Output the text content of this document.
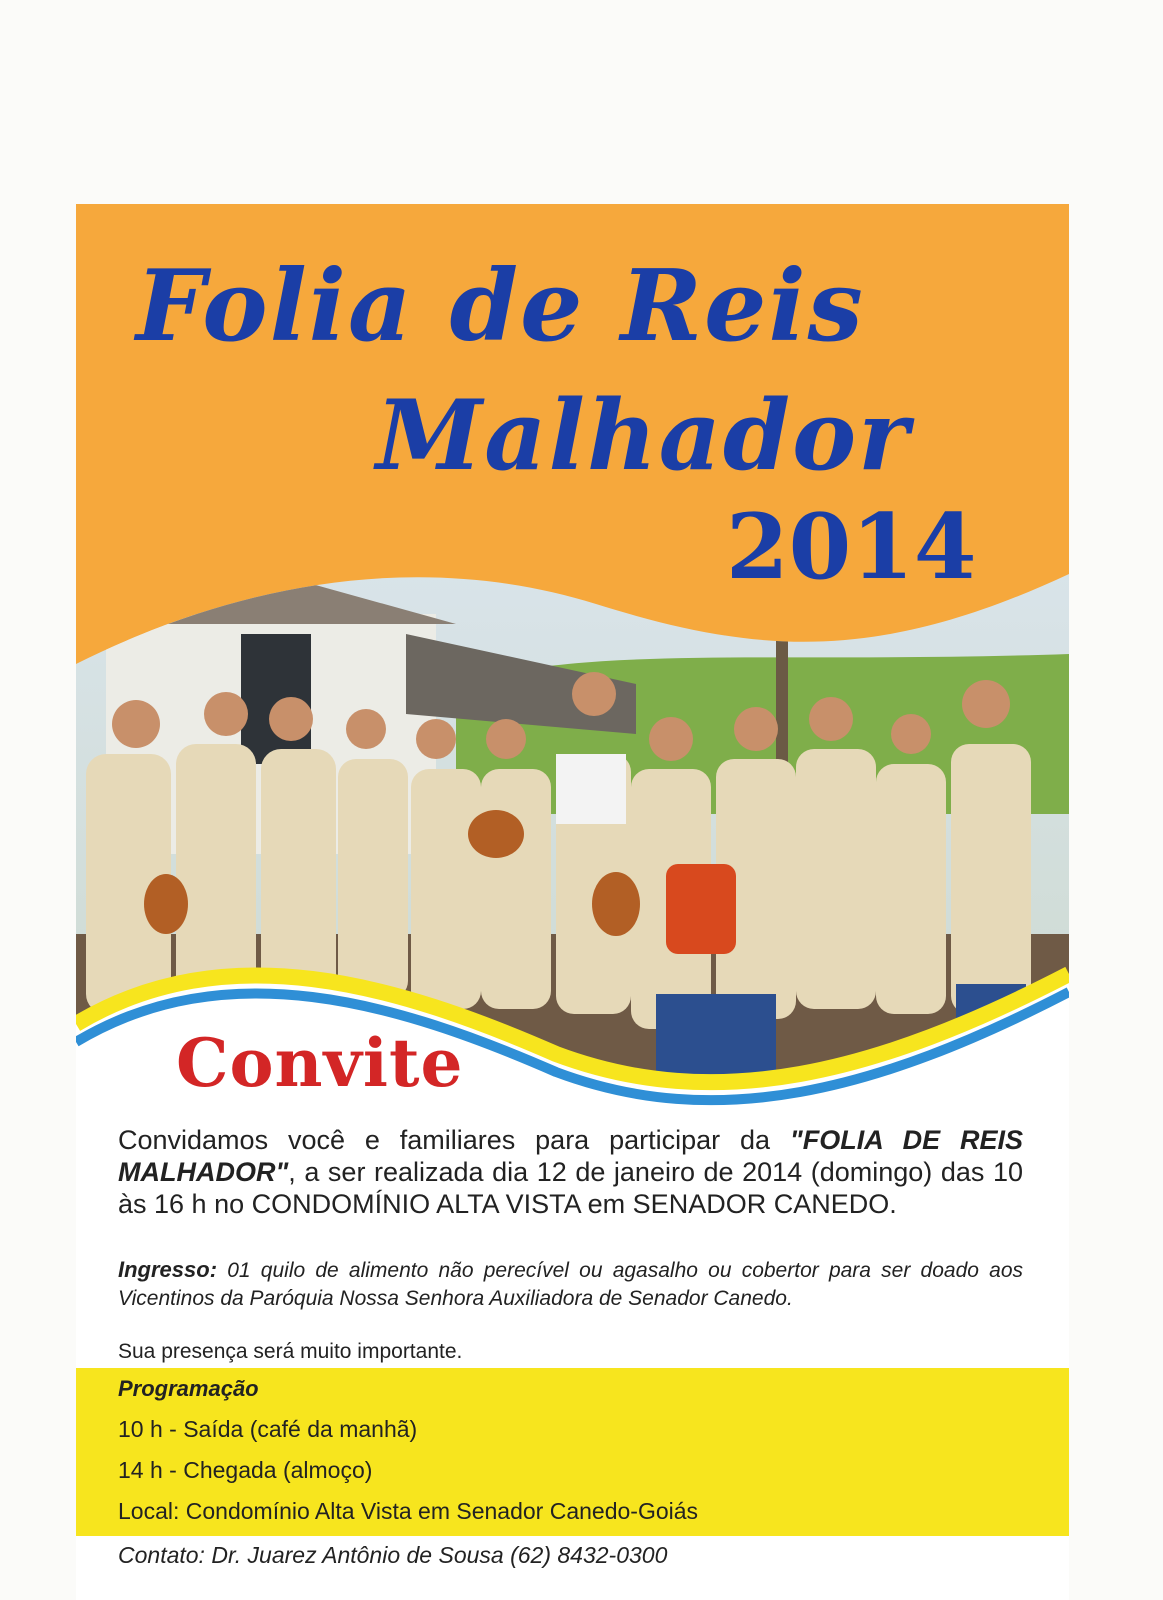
Folia de Reis
Malhador
2014
Convite
Convidamos você e familiares para participar da "FOLIA DE REIS MALHADOR", a ser realizada dia 12 de janeiro de 2014 (domingo) das 10 às 16 h no CONDOMÍNIO ALTA VISTA em SENADOR CANEDO.
Ingresso: 01 quilo de alimento não perecível ou agasalho ou cobertor para ser doado aos Vicentinos da Paróquia Nossa Senhora Auxiliadora de Senador Canedo.
Sua presença será muito importante.
Programação
10 h - Saída (café da manhã)
14 h - Chegada (almoço)
Local: Condomínio Alta Vista em Senador Canedo-Goiás
Contato: Dr. Juarez Antônio de Sousa (62) 8432-0300
